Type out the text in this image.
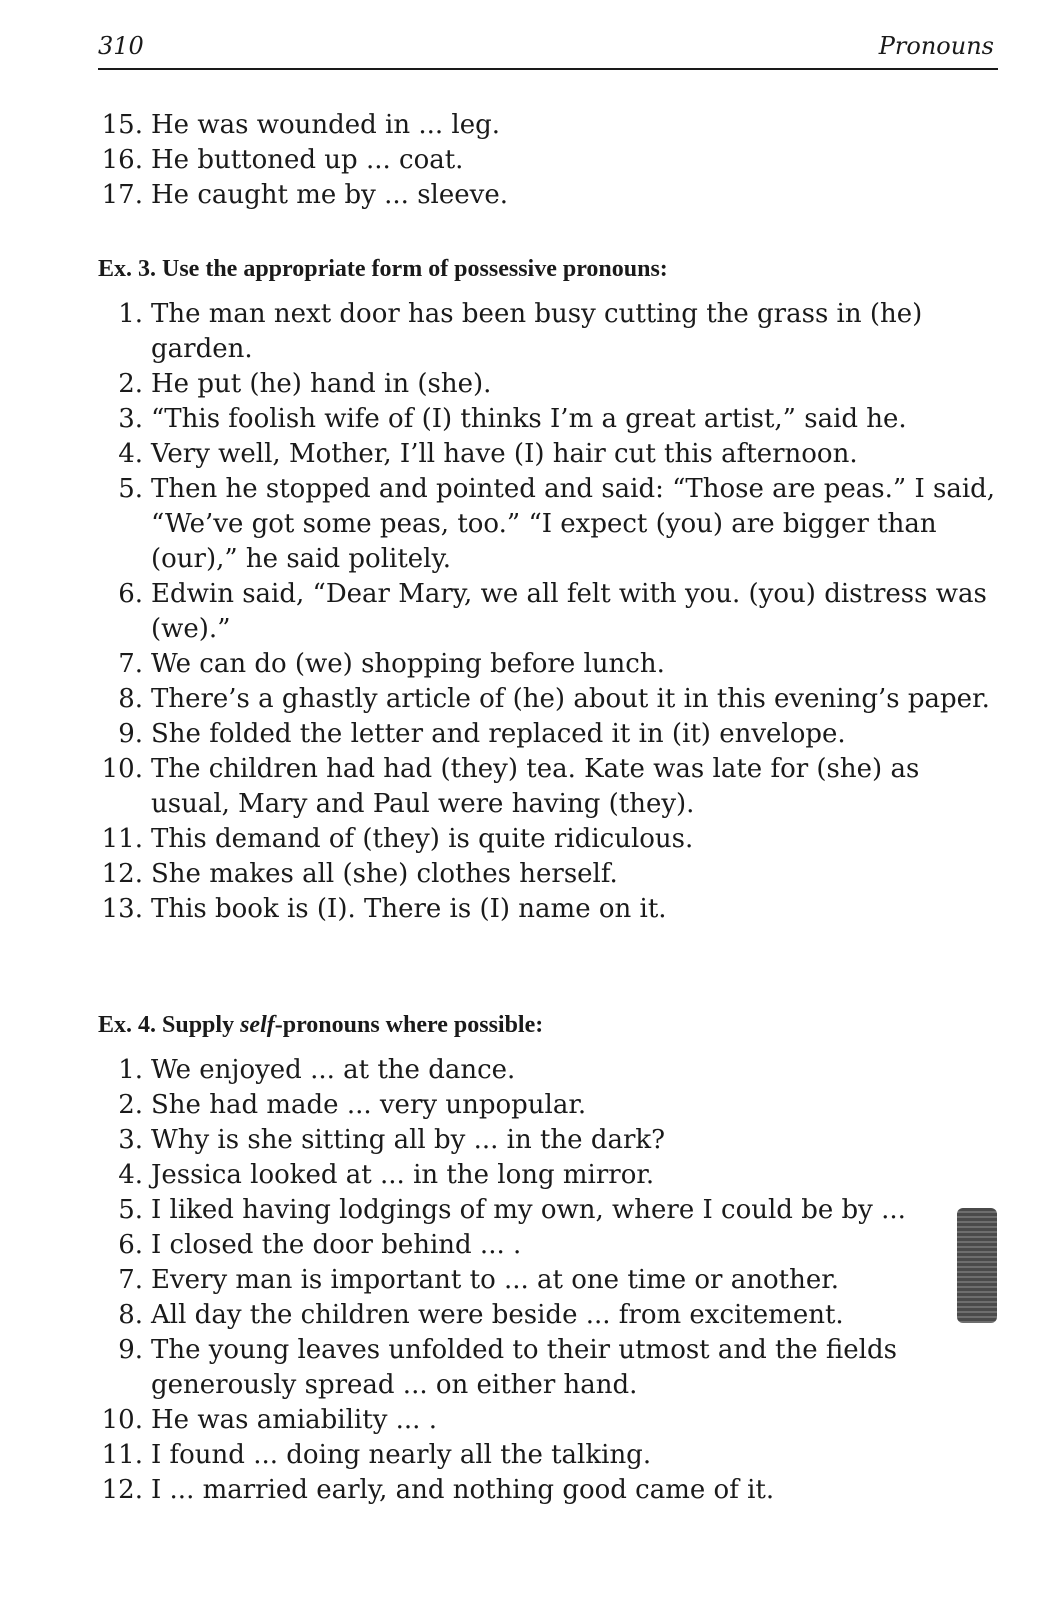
310	Pronouns
15. He was wounded in ... leg.
16. He buttoned up ... coat.
17. He caught me by ... sleeve.

Ex. 3. Use the appropriate form of possessive pronouns:

1. The man next door has been busy cutting the grass in (he) garden.
2. He put (he) hand in (she).
3. “This foolish wife of (I) thinks I’m a great artist,” said he.
4. Very well, Mother, I’ll have (I) hair cut this afternoon.
5. Then he stopped and pointed and said: “Those are peas.” I said, “We’ve got some peas, too.” “I expect (you) are bigger than (our),” he said politely.
6. Edwin said, “Dear Mary, we all felt with you. (you) distress was (we).”
7. We can do (we) shopping before lunch.
8. There’s a ghastly article of (he) about it in this evening’s paper.
9. She folded the letter and replaced it in (it) envelope.
10. The children had had (they) tea. Kate was late for (she) as usual, Mary and Paul were having (they).
11. This demand of (they) is quite ridiculous.
12. She makes all (she) clothes herself.
13. This book is (I). There is (I) name on it.

Ex. 4. Supply self-pronouns where possible:

1. We enjoyed ... at the dance.
2. She had made ... very unpopular.
3. Why is she sitting all by ... in the dark?
4. Jessica looked at ... in the long mirror.
5. I liked having lodgings of my own, where I could be by ...
6. I closed the door behind ... .
7. Every man is important to ... at one time or another.
8. All day the children were beside ... from excitement.
9. The young leaves unfolded to their utmost and the fields generously spread ... on either hand.
10. He was amiability ... .
11. I found ... doing nearly all the talking.
12. I ... married early, and nothing good came of it.
